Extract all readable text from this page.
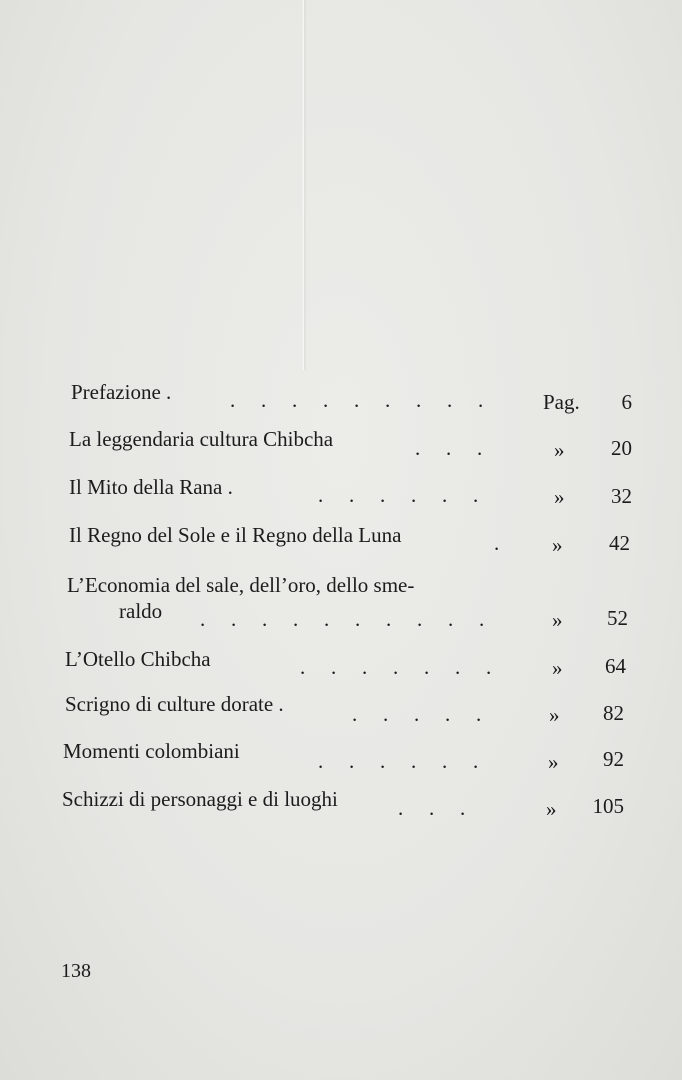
Prefazione .	. . . . . . . . .	Pag.	6
La leggendaria cultura Chibcha	. . .	»	20
Il Mito della Rana .	. . . . . .	»	32
Il Regno del Sole e il Regno della Luna	.	»	42
L’Economia del sale, dell’oro, dello sme-
raldo . . . . . . . . . .	»	52
L’Otello Chibcha	. . . . . . .	»	64
Scrigno di culture dorate .	. . . . .	»	82
Momenti colombiani	. . . . . .	»	92
Schizzi di personaggi e di luoghi	. . .	»	105
138
